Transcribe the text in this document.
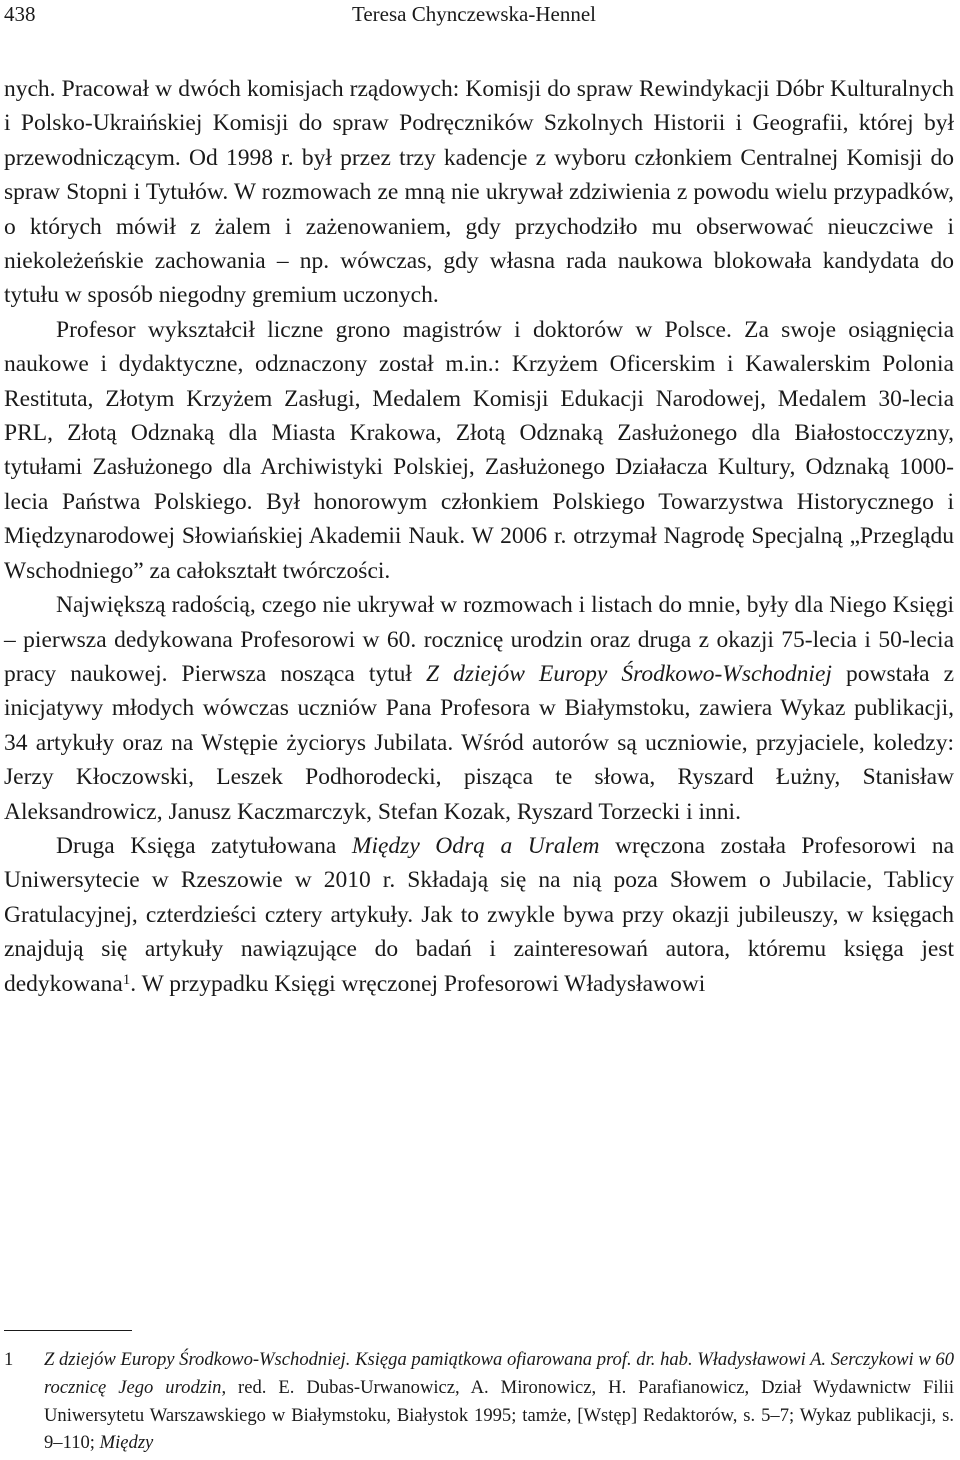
438	Teresa Chynczewska-Hennel

nych. Pracował w dwóch komisjach rządowych: Komisji do spraw Rewindykacji Dóbr Kulturalnych i Polsko-Ukraińskiej Komisji do spraw Podręczników Szkolnych Historii i Geografii, której był przewodniczącym. Od 1998 r. był przez trzy kadencje z wyboru członkiem Centralnej Komisji do spraw Stopni i Tytułów. W rozmowach ze mną nie ukrywał zdziwienia z powodu wielu przypadków, o których mówił z żalem i zażenowaniem, gdy przychodziło mu obserwować nieuczciwe i niekoleżeńskie zachowania – np. wówczas, gdy własna rada naukowa blokowała kandydata do tytułu w sposób niegodny gremium uczonych.

Profesor wykształcił liczne grono magistrów i doktorów w Polsce. Za swoje osiągnięcia naukowe i dydaktyczne, odznaczony został m.in.: Krzyżem Oficerskim i Kawalerskim Polonia Restituta, Złotym Krzyżem Zasługi, Medalem Komisji Edukacji Narodowej, Medalem 30-lecia PRL, Złotą Odznaką dla Miasta Krakowa, Złotą Odznaką Zasłużonego dla Białostocczyzny, tytułami Zasłużonego dla Archiwistyki Polskiej, Zasłużonego Działacza Kultury, Odznaką 1000-lecia Państwa Polskiego. Był honorowym członkiem Polskiego Towarzystwa Historycznego i Międzynarodowej Słowiańskiej Akademii Nauk. W 2006 r. otrzymał Nagrodę Specjalną „Przeglądu Wschodniego” za całokształt twórczości.

Największą radością, czego nie ukrywał w rozmowach i listach do mnie, były dla Niego Księgi – pierwsza dedykowana Profesorowi w 60. rocznicę urodzin oraz druga z okazji 75-lecia i 50-lecia pracy naukowej. Pierwsza nosząca tytuł Z dziejów Europy Środkowo-Wschodniej powstała z inicjatywy młodych wówczas uczniów Pana Profesora w Białymstoku, zawiera Wykaz publikacji, 34 artykuły oraz na Wstępie życiorys Jubilata. Wśród autorów są uczniowie, przyjaciele, koledzy: Jerzy Kłoczowski, Leszek Podhorodecki, pisząca te słowa, Ryszard Łużny, Stanisław Aleksandrowicz, Janusz Kaczmarczyk, Stefan Kozak, Ryszard Torzecki i inni.

Druga Księga zatytułowana Między Odrą a Uralem wręczona została Profesorowi na Uniwersytecie w Rzeszowie w 2010 r. Składają się na nią poza Słowem o Jubilacie, Tablicy Gratulacyjnej, czterdzieści cztery artykuły. Jak to zwykle bywa przy okazji jubileuszy, w księgach znajdują się artykuły nawiązujące do badań i zainteresowań autora, któremu księga jest dedykowana$^1$. W przypadku Księgi wręczonej Profesorowi Władysławowi

1 Z dziejów Europy Środkowo-Wschodniej. Księga pamiątkowa ofiarowana prof. dr. hab. Władysławowi A. Serczykowi w 60 rocznicę Jego urodzin, red. E. Dubas-Urwanowicz, A. Mironowicz, H. Parafianowicz, Dział Wydawnictw Filii Uniwersytetu Warszawskiego w Białymstoku, Białystok 1995; tamże, [Wstęp] Redaktorów, s. 5–7; Wykaz publikacji, s. 9–110; Między
